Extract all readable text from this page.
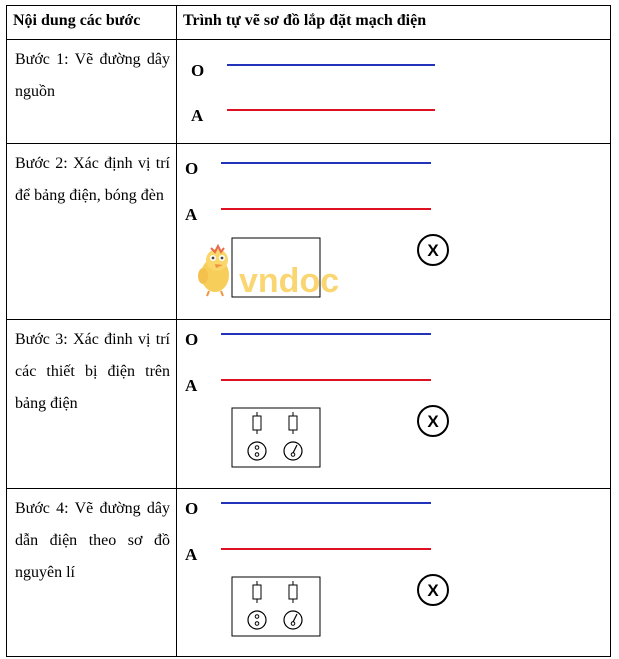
Nội dung các bước	Trình tự vẽ sơ đồ lắp đặt mạch điện

Bước 1: Vẽ đường dây nguồn	O
A

Bước 2: Xác định vị trí để bảng điện, bóng đèn	O
A
X
vndoc

Bước 3: Xác đinh vị trí các thiết bị điện trên bảng điện	O
A
X

Bước 4: Vẽ đường dây dẫn điện theo sơ đồ nguyên lí	O
A
X
